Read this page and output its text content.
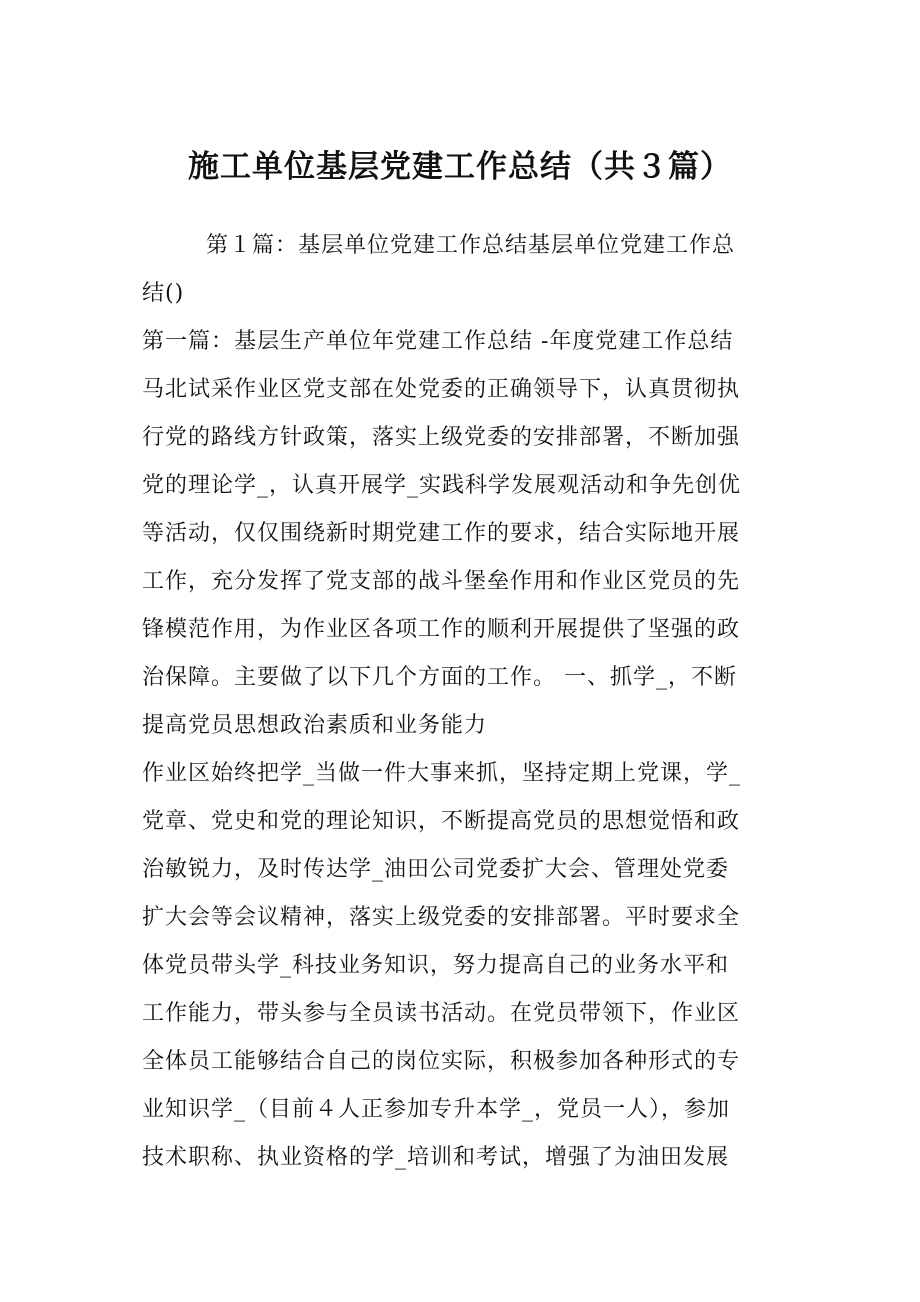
施工单位基层党建工作总结（共３篇）
第１篇：基层单位党建工作总结基层单位党建工作总
结()
第一篇：基层生产单位年党建工作总结 -年度党建工作总结
马北试采作业区党支部在处党委的正确领导下，认真贯彻执
行党的路线方针政策，落实上级党委的安排部署，不断加强
党的理论学_，认真开展学_实践科学发展观活动和争先创优
等活动，仅仅围绕新时期党建工作的要求，结合实际地开展
工作，充分发挥了党支部的战斗堡垒作用和作业区党员的先
锋模范作用，为作业区各项工作的顺利开展提供了坚强的政
治保障。主要做了以下几个方面的工作。 一、抓学_，不断
提高党员思想政治素质和业务能力
作业区始终把学_当做一件大事来抓，坚持定期上党课，学_
党章、党史和党的理论知识，不断提高党员的思想觉悟和政
治敏锐力，及时传达学_油田公司党委扩大会、管理处党委
扩大会等会议精神，落实上级党委的安排部署。平时要求全
体党员带头学_科技业务知识，努力提高自己的业务水平和
工作能力，带头参与全员读书活动。在党员带领下，作业区
全体员工能够结合自己的岗位实际，积极参加各种形式的专
业知识学_（目前４人正参加专升本学_，党员一人），参加
技术职称、执业资格的学_培训和考试，增强了为油田发展
